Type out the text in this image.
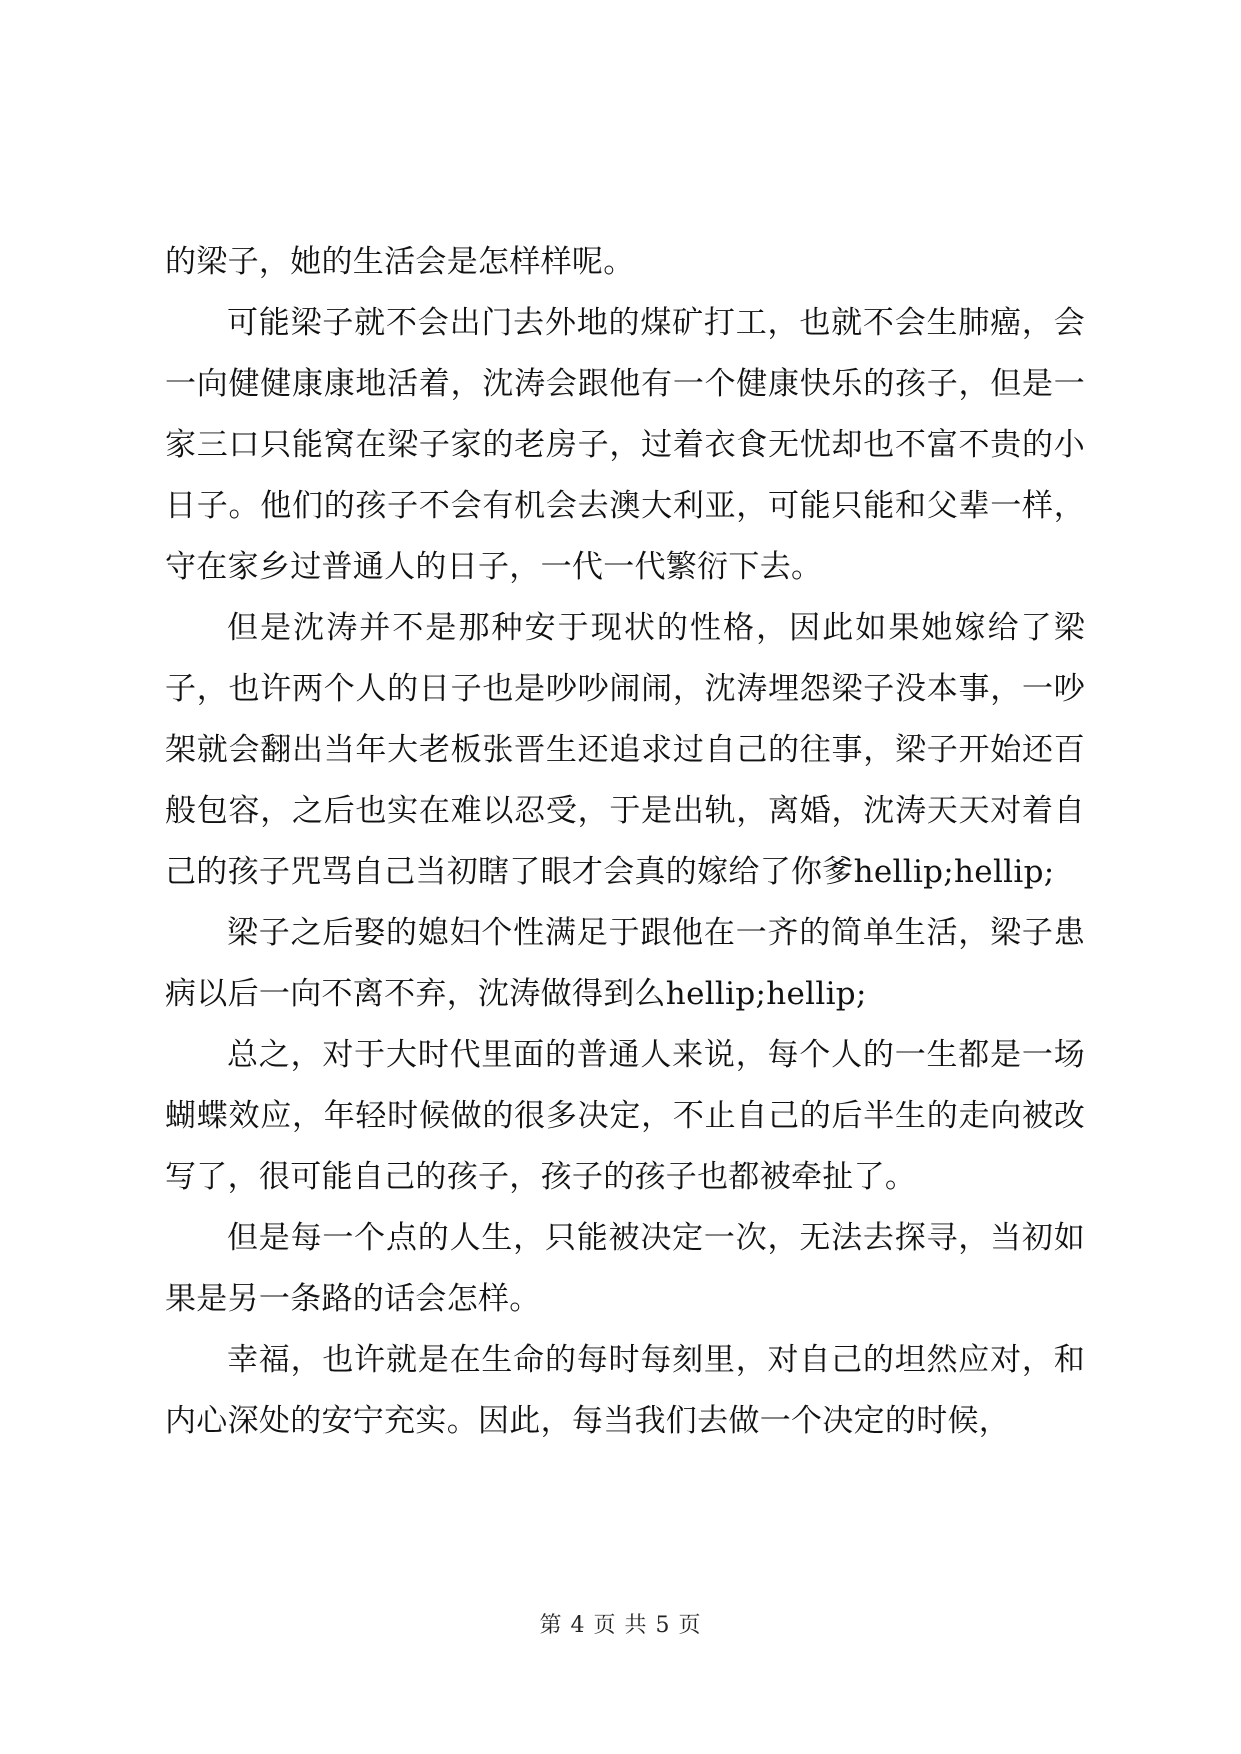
的梁子，她的生活会是怎样样呢。

可能梁子就不会出门去外地的煤矿打工，也就不会生肺癌，会一向健健康康地活着，沈涛会跟他有一个健康快乐的孩子，但是一家三口只能窝在梁子家的老房子，过着衣食无忧却也不富不贵的小日子。他们的孩子不会有机会去澳大利亚，可能只能和父辈一样，守在家乡过普通人的日子，一代一代繁衍下去。

但是沈涛并不是那种安于现状的性格，因此如果她嫁给了梁子，也许两个人的日子也是吵吵闹闹，沈涛埋怨梁子没本事，一吵架就会翻出当年大老板张晋生还追求过自己的往事，梁子开始还百般包容，之后也实在难以忍受，于是出轨，离婚，沈涛天天对着自己的孩子咒骂自己当初瞎了眼才会真的嫁给了你爹hellip;hellip;

梁子之后娶的媳妇个性满足于跟他在一齐的简单生活，梁子患病以后一向不离不弃，沈涛做得到么hellip;hellip;

总之，对于大时代里面的普通人来说，每个人的一生都是一场蝴蝶效应，年轻时候做的很多决定，不止自己的后半生的走向被改写了，很可能自己的孩子，孩子的孩子也都被牵扯了。

但是每一个点的人生，只能被决定一次，无法去探寻，当初如果是另一条路的话会怎样。

幸福，也许就是在生命的每时每刻里，对自己的坦然应对，和内心深处的安宁充实。因此，每当我们去做一个决定的时候，

第 4 页 共 5 页
